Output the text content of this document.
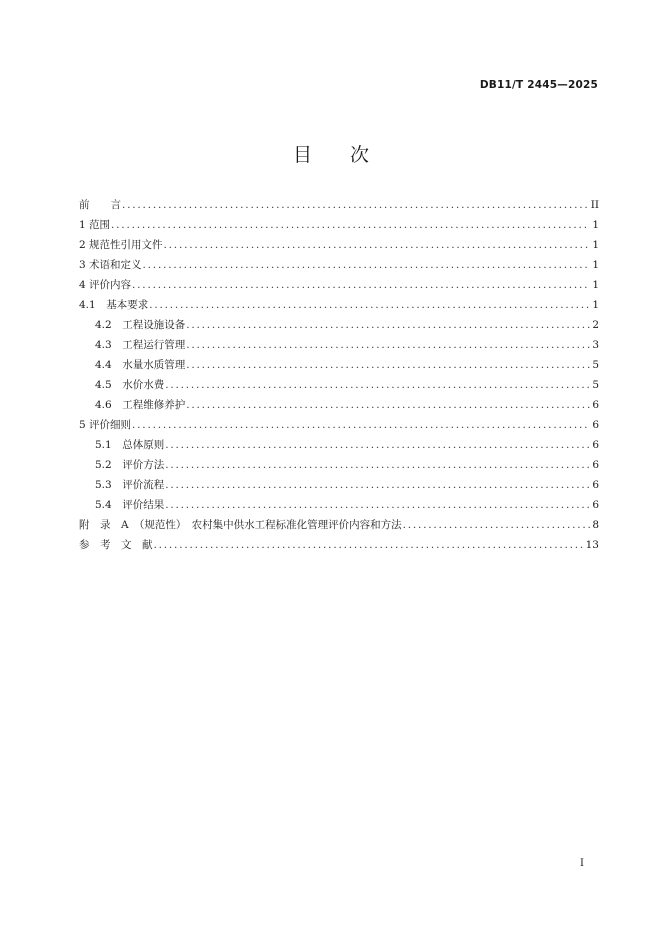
DB11/T 2445—2025
目　　次
前　　言 .....	II
1 范围 .....	1
2 规范性引用文件 .....	1
3 术语和定义 .....	1
4 评价内容 .....	1
4.1　基本要求 .....	1
4.2　工程设施设备 .....	2
4.3　工程运行管理 .....	3
4.4　水量水质管理 .....	5
4.5　水价水费 .....	5
4.6　工程维修养护 .....	6
5 评价细则 .....	6
5.1　总体原则 .....	6
5.2　评价方法 .....	6
5.3　评价流程 .....	6
5.4　评价结果 .....	6
附　录　A　（规范性）　农村集中供水工程标准化管理评价内容和方法 .....	8
参　考　文　献 .....	13
I
